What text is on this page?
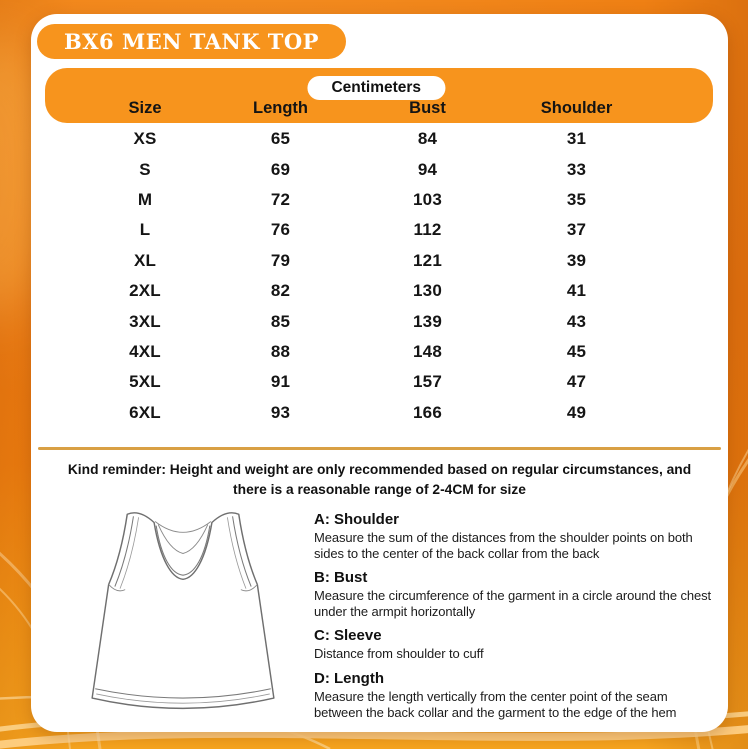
BX6 MEN TANK TOP
Centimeters
Size	Length	Bust	Shoulder
XS	65	84	31
S	69	94	33
M	72	103	35
L	76	112	37
XL	79	121	39
2XL	82	130	41
3XL	85	139	43
4XL	88	148	45
5XL	91	157	47
6XL	93	166	49
Kind reminder: Height and weight are only recommended based on regular circumstances, and there is a reasonable range of 2-4CM for size
A: Shoulder
Measure the sum of the distances from the shoulder points on both sides to the center of the back collar from the back
B: Bust
Measure the circumference of the garment in a circle around the chest under the armpit horizontally
C: Sleeve
Distance from shoulder to cuff
D: Length
Measure the length vertically from the center point of the seam between the back collar and the garment to the edge of the hem
